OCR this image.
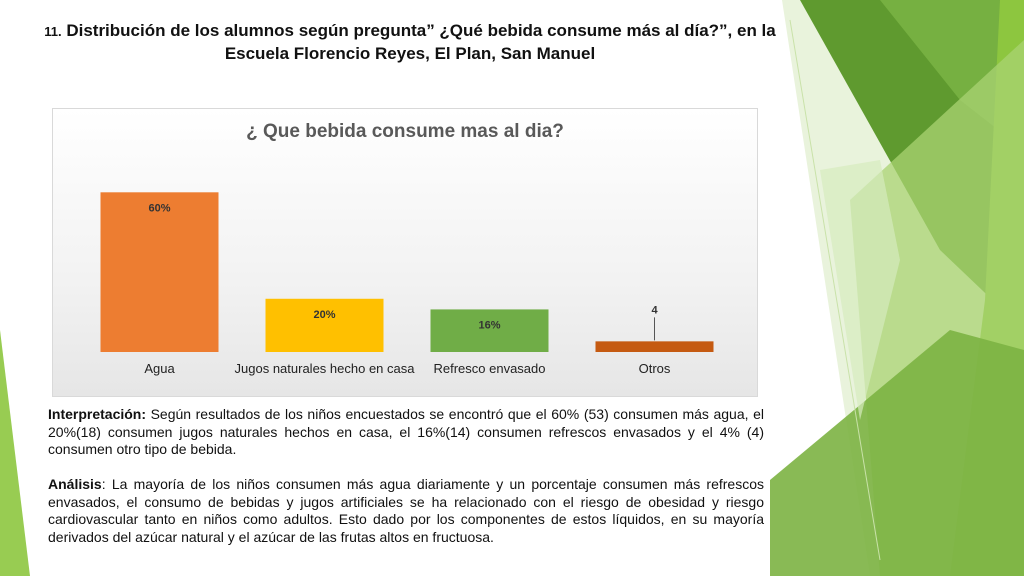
11. Distribución de los alumnos según pregunta” ¿Qué bebida consume más al día?”, en la Escuela Florencio Reyes, El Plan, San Manuel
¿ Que bebida consume mas al dia?
60%
Agua
20%
Jugos naturales hecho en casa
16%
Refresco envasado
4
Otros
Interpretación: Según resultados de los niños encuestados se encontró que el 60% (53) consumen más agua, el 20%(18) consumen jugos naturales hechos en casa, el 16%(14) consumen refrescos envasados y el 4% (4) consumen otro tipo de bebida.
Análisis: La mayoría de los niños consumen más agua diariamente y un porcentaje consumen más refrescos envasados, el consumo de bebidas y jugos artificiales se ha relacionado con el riesgo de obesidad y riesgo cardiovascular tanto en niños como adultos. Esto dado por los componentes de estos líquidos, en su mayoría derivados del azúcar natural y el azúcar de las frutas altos en fructuosa.
